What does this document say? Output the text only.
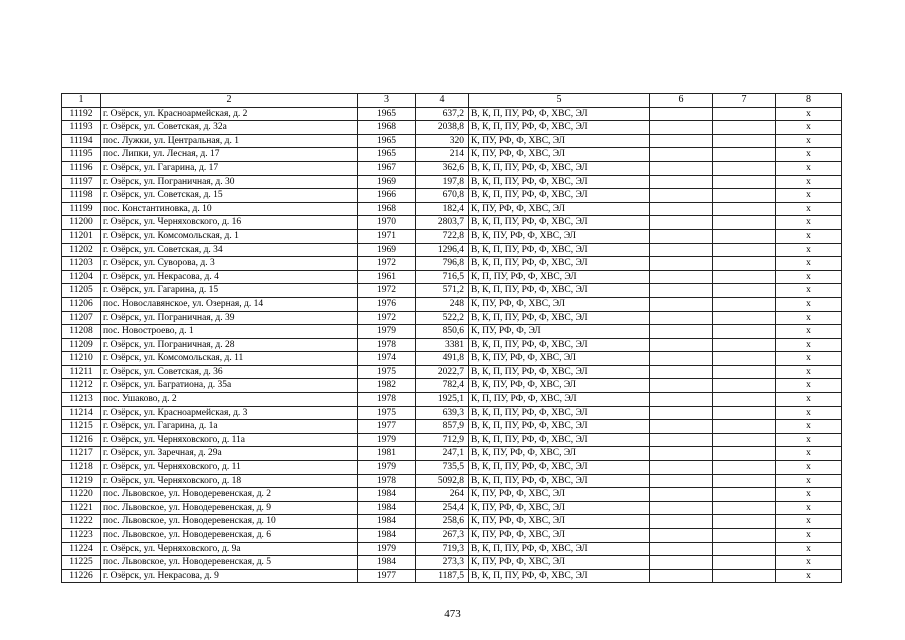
1	2	3	4	5	6	7	8
11192	г. Озёрск, ул. Красноармейская, д. 2	1965	637,2	В, К, П, ПУ, РФ, Ф, ХВС, ЭЛ			х
11193	г. Озёрск, ул. Советская, д. 32а	1968	2038,8	В, К, П, ПУ, РФ, Ф, ХВС, ЭЛ			х
11194	пос. Лужки, ул. Центральная, д. 1	1965	320	К, ПУ, РФ, Ф, ХВС, ЭЛ			х
11195	пос. Липки, ул. Лесная, д. 17	1965	214	К, ПУ, РФ, Ф, ХВС, ЭЛ			х
11196	г. Озёрск, ул. Гагарина, д. 17	1967	362,6	В, К, П, ПУ, РФ, Ф, ХВС, ЭЛ			х
11197	г. Озёрск, ул. Пограничная, д. 30	1969	197,8	В, К, П, ПУ, РФ, Ф, ХВС, ЭЛ			х
11198	г. Озёрск, ул. Советская, д. 15	1966	670,8	В, К, П, ПУ, РФ, Ф, ХВС, ЭЛ			х
11199	пос. Константиновка, д. 10	1968	182,4	К, ПУ, РФ, Ф, ХВС, ЭЛ			х
11200	г. Озёрск, ул. Черняховского, д. 16	1970	2803,7	В, К, П, ПУ, РФ, Ф, ХВС, ЭЛ			х
11201	г. Озёрск, ул. Комсомольская, д. 1	1971	722,8	В, К, ПУ, РФ, Ф, ХВС, ЭЛ			х
11202	г. Озёрск, ул. Советская, д. 34	1969	1296,4	В, К, П, ПУ, РФ, Ф, ХВС, ЭЛ			х
11203	г. Озёрск, ул. Суворова, д. 3	1972	796,8	В, К, П, ПУ, РФ, Ф, ХВС, ЭЛ			х
11204	г. Озёрск, ул. Некрасова, д. 4	1961	716,5	К, П, ПУ, РФ, Ф, ХВС, ЭЛ			х
11205	г. Озёрск, ул. Гагарина, д. 15	1972	571,2	В, К, П, ПУ, РФ, Ф, ХВС, ЭЛ			х
11206	пос. Новославянское, ул. Озерная, д. 14	1976	248	К, ПУ, РФ, Ф, ХВС, ЭЛ			х
11207	г. Озёрск, ул. Пограничная, д. 39	1972	522,2	В, К, П, ПУ, РФ, Ф, ХВС, ЭЛ			х
11208	пос. Новостроево, д. 1	1979	850,6	К, ПУ, РФ, Ф, ЭЛ			х
11209	г. Озёрск, ул. Пограничная, д. 28	1978	3381	В, К, П, ПУ, РФ, Ф, ХВС, ЭЛ			х
11210	г. Озёрск, ул. Комсомольская, д. 11	1974	491,8	В, К, ПУ, РФ, Ф, ХВС, ЭЛ			х
11211	г. Озёрск, ул. Советская, д. 36	1975	2022,7	В, К, П, ПУ, РФ, Ф, ХВС, ЭЛ			х
11212	г. Озёрск, ул. Багратиона, д. 35а	1982	782,4	В, К, ПУ, РФ, Ф, ХВС, ЭЛ			х
11213	пос. Ушаково, д. 2	1978	1925,1	К, П, ПУ, РФ, Ф, ХВС, ЭЛ			х
11214	г. Озёрск, ул. Красноармейская, д. 3	1975	639,3	В, К, П, ПУ, РФ, Ф, ХВС, ЭЛ			х
11215	г. Озёрск, ул. Гагарина, д. 1а	1977	857,9	В, К, П, ПУ, РФ, Ф, ХВС, ЭЛ			х
11216	г. Озёрск, ул. Черняховского, д. 11а	1979	712,9	В, К, П, ПУ, РФ, Ф, ХВС, ЭЛ			х
11217	г. Озёрск, ул. Заречная, д. 29а	1981	247,1	В, К, ПУ, РФ, Ф, ХВС, ЭЛ			х
11218	г. Озёрск, ул. Черняховского, д. 11	1979	735,5	В, К, П, ПУ, РФ, Ф, ХВС, ЭЛ			х
11219	г. Озёрск, ул. Черняховского, д. 18	1978	5092,8	В, К, П, ПУ, РФ, Ф, ХВС, ЭЛ			х
11220	пос. Львовское, ул. Новодеревенская, д. 2	1984	264	К, ПУ, РФ, Ф, ХВС, ЭЛ			х
11221	пос. Львовское, ул. Новодеревенская, д. 9	1984	254,4	К, ПУ, РФ, Ф, ХВС, ЭЛ			х
11222	пос. Львовское, ул. Новодеревенская, д. 10	1984	258,6	К, ПУ, РФ, Ф, ХВС, ЭЛ			х
11223	пос. Львовское, ул. Новодеревенская, д. 6	1984	267,3	К, ПУ, РФ, Ф, ХВС, ЭЛ			х
11224	г. Озёрск, ул. Черняховского, д. 9а	1979	719,3	В, К, П, ПУ, РФ, Ф, ХВС, ЭЛ			х
11225	пос. Львовское, ул. Новодеревенская, д. 5	1984	273,3	К, ПУ, РФ, Ф, ХВС, ЭЛ			х
11226	г. Озёрск, ул. Некрасова, д. 9	1977	1187,5	В, К, П, ПУ, РФ, Ф, ХВС, ЭЛ			х
473
